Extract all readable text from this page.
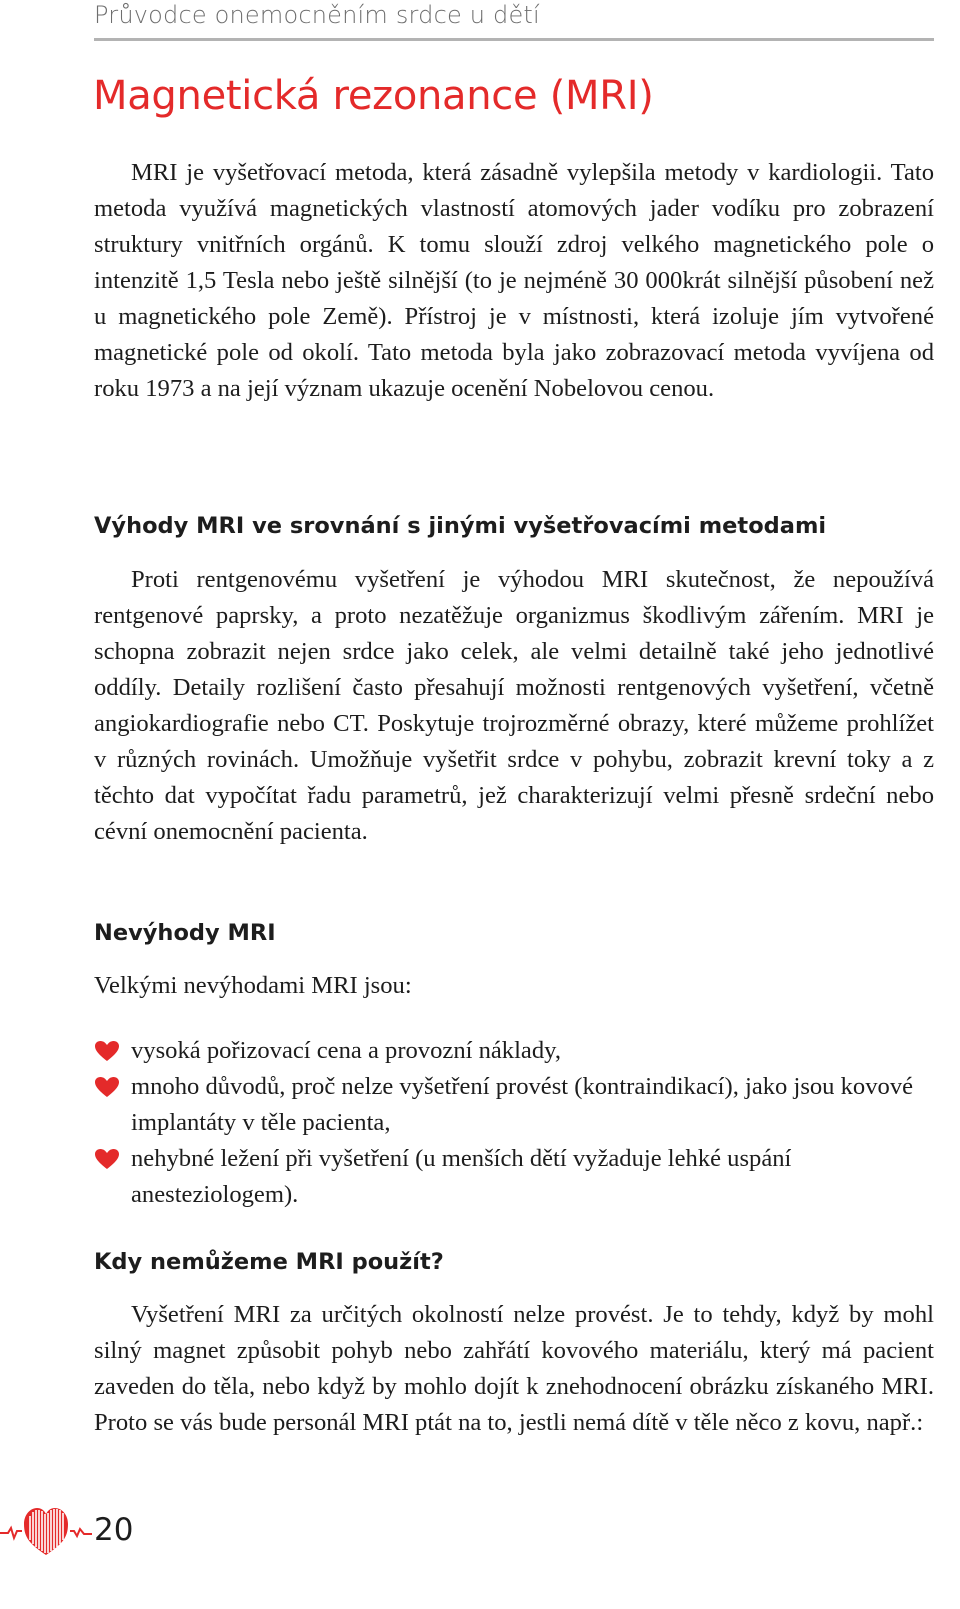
Průvodce onemocněním srdce u dětí
Magnetická rezonance (MRI)

MRI je vyšetřovací metoda, která zásadně vylepšila metody v kardiologii. Tato metoda využívá magnetických vlastností atomových jader vodíku pro zobrazení struktury vnitřních orgánů. K tomu slouží zdroj velkého magnetického pole o intenzitě 1,5 Tesla nebo ještě silnější (to je nejméně 30 000krát silnější působení než u magnetického pole Země). Přístroj je v místnosti, která izoluje jím vytvořené magnetické pole od okolí. Tato metoda byla jako zobrazovací metoda vyvíjena od roku 1973 a na její význam ukazuje ocenění Nobelovou cenou.

Výhody MRI ve srovnání s jinými vyšetřovacími metodami

Proti rentgenovému vyšetření je výhodou MRI skutečnost, že nepoužívá rentgenové paprsky, a proto nezatěžuje organizmus škodlivým zářením. MRI je schopna zobrazit nejen srdce jako celek, ale velmi detailně také jeho jednotlivé oddíly. Detaily rozlišení často přesahují možnosti rentgenových vyšetření, včetně angiokardiografie nebo CT. Poskytuje trojrozměrné obrazy, které můžeme prohlížet v různých rovinách. Umožňuje vyšetřit srdce v pohybu, zobrazit krevní toky a z těchto dat vypočítat řadu parametrů, jež charakterizují velmi přesně srdeční nebo cévní onemocnění pacienta.

Nevýhody MRI

Velkými nevýhodami MRI jsou:

vysoká pořizovací cena a provozní náklady,
mnoho důvodů, proč nelze vyšetření provést (kontraindikací), jako jsou kovové implantáty v těle pacienta,
nehybné ležení při vyšetření (u menších dětí vyžaduje lehké uspání anesteziologem).
Kdy nemůžeme MRI použít?

Vyšetření MRI za určitých okolností nelze provést. Je to tehdy, když by mohl silný magnet způsobit pohyb nebo zahřátí kovového materiálu, který má pacient zaveden do těla, nebo když by mohlo dojít k znehodnocení obrázku získaného MRI. Proto se vás bude personál MRI ptát na to, jestli nemá dítě v těle něco z kovu, např.:

20
